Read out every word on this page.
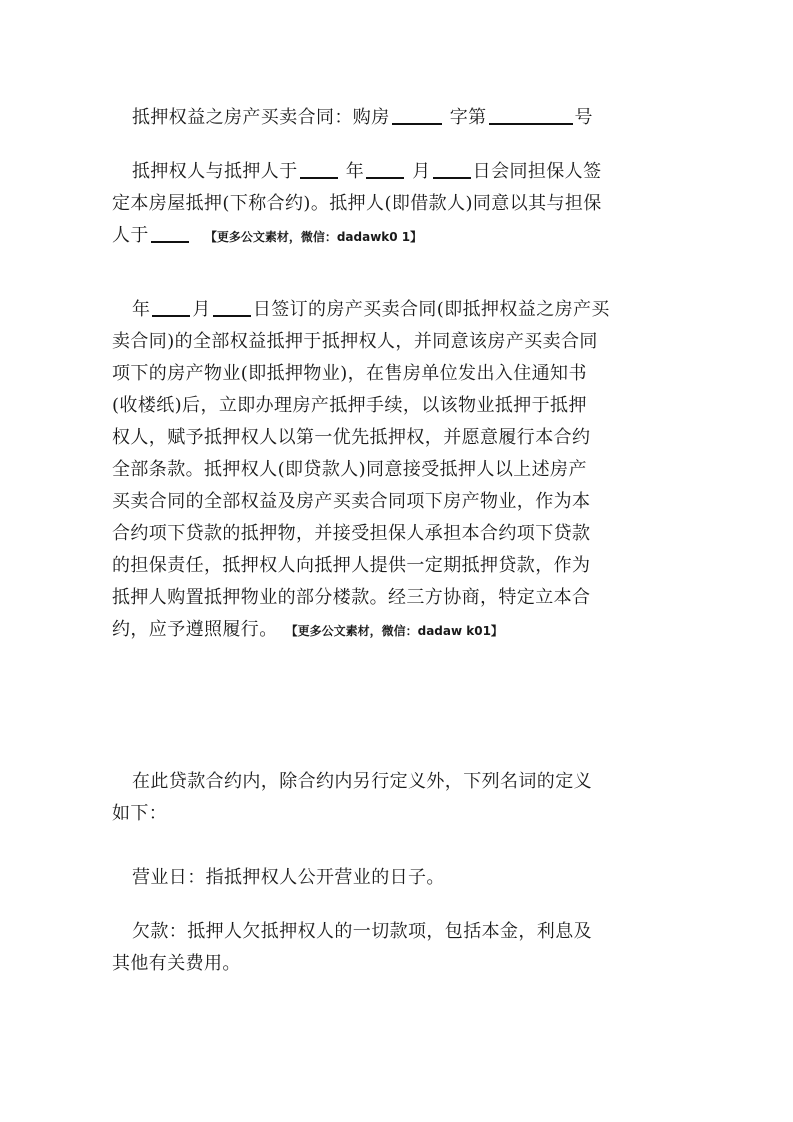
抵押权益之房产买卖合同：购房	字第	号
抵押权人与抵押人于 年 月 日会同担保人签
定本房屋抵押(下称合约)。抵押人(即借款人)同意以其与担保
人于	【更多公文素材，微信：dadawk0 1】
年 月 日签订的房产买卖合同(即抵押权益之房产买
卖合同)的全部权益抵押于抵押权人，并同意该房产买卖合同
项下的房产物业(即抵押物业)，在售房单位发出入住通知书
(收楼纸)后，立即办理房产抵押手续，以该物业抵押于抵押
权人，赋予抵押权人以第一优先抵押权，并愿意履行本合约
全部条款。抵押权人(即贷款人)同意接受抵押人以上述房产
买卖合同的全部权益及房产买卖合同项下房产物业，作为本
合约项下贷款的抵押物，并接受担保人承担本合约项下贷款
的担保责任，抵押权人向抵押人提供一定期抵押贷款，作为
抵押人购置抵押物业的部分楼款。经三方协商，特定立本合
约，应予遵照履行。 【更多公文素材，微信：dadaw k01】
在此贷款合约内，除合约内另行定义外，下列名词的定义
如下：
营业日：指抵押权人公开营业的日子。
欠款：抵押人欠抵押权人的一切款项，包括本金，利息及
其他有关费用。
